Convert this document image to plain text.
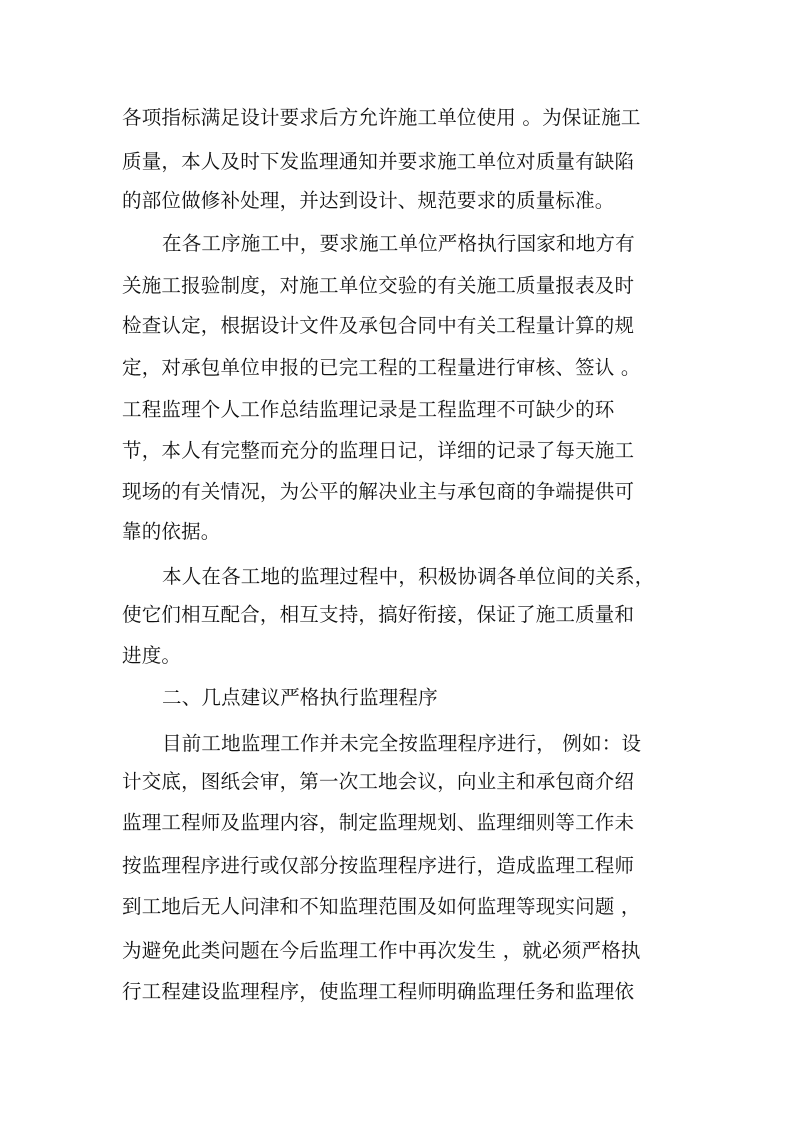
各项指标满足设计要求后方允许施工单位使用 。为保证施工
质量，本人及时下发监理通知并要求施工单位对质量有缺陷
的部位做修补处理，并达到设计、规范要求的质量标准。
在各工序施工中，要求施工单位严格执行国家和地方有
关施工报验制度，对施工单位交验的有关施工质量报表及时
检查认定，根据设计文件及承包合同中有关工程量计算的规
定，对承包单位申报的已完工程的工程量进行审核、签认 。
工程监理个人工作总结监理记录是工程监理不可缺少的环
节，本人有完整而充分的监理日记，详细的记录了每天施工
现场的有关情况，为公平的解决业主与承包商的争端提供可
靠的依据。
本人在各工地的监理过程中，积极协调各单位间的关系，
使它们相互配合，相互支持，搞好衔接，保证了施工质量和
进度。
二、几点建议严格执行监理程序
目前工地监理工作并未完全按监理程序进行， 例如：设
计交底，图纸会审，第一次工地会议，向业主和承包商介绍
监理工程师及监理内容，制定监理规划、监理细则等工作未
按监理程序进行或仅部分按监理程序进行，造成监理工程师
到工地后无人问津和不知监理范围及如何监理等现实问题 ，
为避免此类问题在今后监理工作中再次发生 ，就必须严格执
行工程建设监理程序，使监理工程师明确监理任务和监理依
